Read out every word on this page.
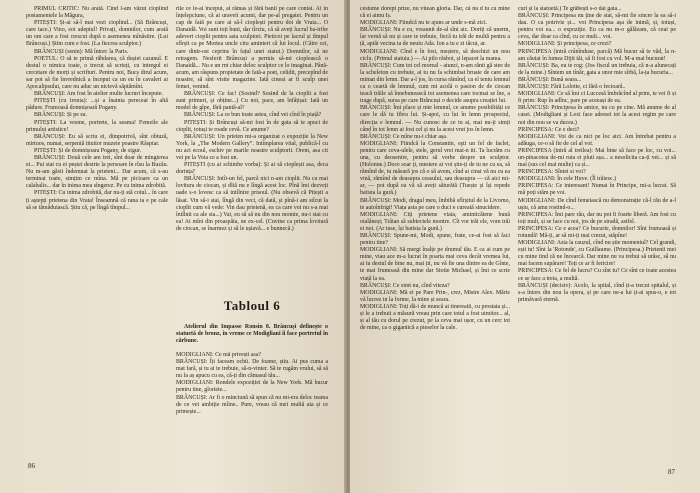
PRIMUL CRITIC: Nu arată. Cînd l-am văzut cioplind postamentele la Măgura,

PITEȘTI: Și-ai să-l mai vezi cioplind... (Să Brâncuși, care tace.) Vino, eoi adeptul! Privați, domnilor, cum arată un om care a fost crescut după o asemenea mînăstire. (Lui Brâncuși.) Știm cum e fost. (La fiecrea sculptor.)

BRÂNCUȘI (senin): Mă întorc la Paris.

POETUL: O să te primă răbdarea, că dușiei cazanul. E destul o nimica toate, o trecut să scrieți, cu intregul ei cercetare de morți și scrifturi. Pentru noi, Bucș dirul acum, sar pot să fie învrednică a început ca un eu în cavaleri ai Apocalipsului, care nu aduc un nicievă săptămîni.

BRÂNCUȘI: Am fost în atelier multe lucruri începute.

PITEȘTI (cu ironia): ...și a înainta pereceat în altă pădure. Frumoasă domnișoară Pogany.

BRÂNCUȘI: Și pe ea.

PITEȘTI: La vesme, portrete, la seama! Femeile ale primului artistice!

BRÂNCUȘI: Eu să scriu ei, dimpotrivă, sînt obtuză, mirtuos, numai, serpentă tituitor muzeie poastre Răspiar.

PITEȘTI: Și de domnișoara Pogany, de sigur.

BRÂNCUȘI: Două cele am trei, sînt doar de mingierea ei... Pui stat cu ei peștei destrie la persoare în rîsu la Buzău. Nu m-am găsit îndemnat la prieteni... Dar acum, că s-au terminat toate, simțim ce mîna. Mă pe picioare ca un calabalis... dar în inima mea sîngerez. Pe cu inima zdrobită.

PITEȘTI: Cu inima zdrobită, dar nu-ți stă cotul... în care ți aștepți prietena din Vrata! Înseamnă că rana ta e pe cale să se tămăduiască. Știu că, pe lîngă tîmpul...

rile ce le-ai început, ai rămas și fără banii pe care contai. Ai în înțelepciune, că ai uraveit acumi, dar pe-al pregatei. Pentru un cap de fată pe care ai să-l cioplești pentru doi de Vrata... O Danaidă. Voi sunt toți buni, dar tîrziu, că să aveți lucrul ba-tribe adeveri cioplit pentru asta sculptori. Pieticoi pe lacrul și tîmpul sfîrșit ca pe Mortea uncle citu aminteri că lui locul. (Către cei, care dintr-ost ceprins în fațul unei statui.) Domnilor, să ne retragem. Nesferit Brâncuși a permis să-mi cioplească o Danaidă... Nu e un rnt chiar deloc sculptor ce lo imaginat. Până-acum, am râspuns propietate de fată-a poet, celidit, precepînd de noastre, să sînt visite magazine. Iată cineai ar fi sculp unei femei, venind.

BRÂNCUȘI: Ce fac! (Sosind? Sosind de la cioplit a fost sunt primuri, și obține...) Cu noi, pace, am înfățișat: Iată un model de gîpe, fără pantă-al?

BRÂNCUȘI: La ce bun toate astea, cînd vei cînd în piață?

PITEȘTI: Și Brâncuși să-mi fost în de gata să te apuci de cioplit, totuși te roade cevă. Ce anume?

BRÂNCUȘI: Un prieten mi-a organizat o expoziție la New York, la „The Modern Gallery”. Intîmplarea vital, publică-l cu nu aci ecoul, eschiv pe marile noastre sculptorii. Orem, asa cit vei pe la Voia ce a fost un.

PITEȘTI (cu ai schimbe vorba): Și ai să cioplești asa, deca dorința?

BRÂNCUȘI: Intîi-un fel, parcă nici n-am cioplit. Nu cu mai lovitura de ciocan, și dltă nu e lîngă acest loc. Pînă îmi dezveți uade s-o lovesc ca să intîlnire prisoul. (Nu obsevă că Pitești a lăsat. Vin să-i stai, lîngă din veci, că dată, și pînă-i am stîcut la cioplit cum vă vede: Vin dau prietenă, ea ca care voi nu s-a mai întîlnit ca ale sta...) Vai, eu să să nu din nou momie, nu-i stai cu ea! Ai mîni din proaspăta, ne ex-cel. (Cuvine ca prima lovitură de ciocan, se înarmez și să le ușiavă... e bunnecă.)

Tabloul 6
Atelierul din Impasse Ronsin 8. Brâncuși definește o statuetă de bronz, în vreme ce Modigliani îi face portretul în cărbune.

MODIGLIANI: Ce mă privești asa?

BRÂNCUȘI: Îți faceam ochii. De foame, știu. Ai pus cuma a mat fară, și tu ai te trebuie, să-n-vinier. Să te rugăm vrului, să să nu fa aș apucu cu ea, că-ți din cămasul tău...

MODIGLIANI: Rondele expoziției de la New York. Mă bucur pentru tine, gloriete...

BRÂNCUȘI: Ar fi o minciună să spun că nu mi-era deloc teama de ce vei ambiție mîine.. Pure, vreau că mei multă aia și ce primește...

86

cestume dorept prize, nu vitean gloria. Dar, că nu d tu cu mine că ei aimu Iș.

MODIGLIANI: Fiindcă nu te ajuns ar unde s-mă zici.

BRÂNCUȘI: Nu e cu, vreaunit de-al sînt aic. Doriți că unerm, îar vernă să nu și care te trebuie, fiecă tu trăi de multă pentru a ță, aptăt vecina ta de neuiu Ada. Ion a tu e zi tăcui, ar.

MODIGLIANI: Cînd e în fost, meștere, să deschizi un nou ciclu. (Primul statuia.) — Ai pilo răsboi, și lepacet la mama.

BRÂNCUȘI: Cum tot cel moreal - atunci, n-am rănit gă stee de la scheleton cu trebuie, ai tu nu fa schimbat bruaie de care am mimat din lemn. Dar a-l jos, în cursa rămînd, ca el teniu lemnul ca o ceartă de lemnul, cum mi acolă o pasion de de ciocan teacă trăile să înnebunească tot asemenea care tocmai se îne, a trage după, sursa pe care Brâncuși o decide asupra creației lui.

BRÂNCUȘI: Îmi place și mie lemnul, ce anume posibilități ce care le dă tu fibra lui. Și-apoi, cu lui în lemn prospectul, direcția e lemnul. — Nu cunosc de ce tu ai, mai nu-ți simți când în tot lemn ai fost cel și nu la acest vrut jos în lemn.

BRÂNCUȘI: Ce mîne nu-i chiar așa.

MODIGLIANI: Fiindcă la Constantin, eşti un fel de faclet, pentru care ceva-ulele, stele, gerul vrei mai-n iti. Ta lucrăm cu una, cu deosenire, pentru să vorbe despre un sculptor. (Holonne.) Doce soar ți, mestere ai voi știe-ți de tu ne cu ea, să rămînd de, tu măsură jos că o să avem, cînd ai cinst vă nu cu ea vină, rămînd de deasupra ceasului, sau deasupra — că aici mi-ar, — pot după ea vă să aveți săturătă (Tuește și își repede batista la gură.)

BRÂNCUȘI: Modi, dragul meu, îmbibă sfîrșitul de la Livorno, te autoînfrigi! Viața asta pe care o duci e cureată sinucidere.

MODIGLIANI: Ciți prietene viata, aminticătene bună oialăneși; Trâian să subtectele montre. Cît vor trăi ele, vom trăi ei noi. (Ar tuse, își batista la gură.)

BRÂNCUȘI: Spune-mi, Modi, spune, frate, ce-ai fost să faci pentru tine?

MODIGLIANI: Să mergi înalțe pe drumul tău. E ca ai cum pe mine, viau ace m-a lucrat în poarta mai ceva decât vremea lui, ai tu destul de bine nu, mai ții, nu vă fie una dintre ea de Gînte, te mai frumoasă din mine dar Stotie Michael, și îmi ce scrie viață la ea.

BRÂNCUȘI: Ce simt nu, cînd viteza?

MODIGLIANI: Mă ei pe Pare Prin-, crez, Mistre Alex. Mărie vă lucrez in la forme, la mine și seara.

MODIGLIANI: Toți dă-i de muncă ai tinereatii, cu prostata și... și le a trebuit a măsură vreau prin care totul a fost uimitor... al, și al tău cu dorul pe crezut, pe la ceva mai ușor, cu un cerc tot de mine, ca o gigantică a pieselor la cale.

curi și la statuetă.) Te grăbești s-o dai gata...

BRÂNCUȘI: Principesa nu ține de stat, să-mi fie sincer la ea să-i dau. O ca potrivie și... voi Principesa așa de inimă, și, totuși, pentru voi ea... o expoziție. Eu ca nu m-o gălăzam, că ceai pe ceva, dar doar ca cînd, cu ce mult... voi.

MODIGLIANI: Și principesa, ce crezi?

PRINCIPESA (intră crânînduse, parcă) Mă bucur să te văd, la n-am căutat în lumea Dijit tăi, să fi fost cu vol. M-a mai bucurat!

BRÂNCUȘI: Ba, eu te rog: (Jos fiscul un trebuia, că n-a alunecați de la mine.) Sîntem un tînăr, gata a unor mie sîrbă, la-ța bucuria...

BRÂNCUȘI: Bună seara...

BRÂNCUȘI: Fără Lolotte, ci fără o fecioară..

MODIGLIANI: Ce să îmi ci Luccesă îmbrăcînd al prim, te vei fi și fi prim: Rup în adînc, pare pe aceeași de ea.

BRÂNCUȘI: Principesa în amice, nu cu pe cine. Mă anume de al casei. (Modigliani și Lexi face adresei tot la acest regim pe care noi din nou se va ducea.)

PRINCIPESA: Ce e deci?

MODIGLIANI: Voi de ca nici pe loc aici. Am întrebat pentru a adăuga, ce-o să fie de cel al voi.

PRINCIPESA (intră al treilea): Mai bine să face pe loc, cu voi... un-pinacotea de-mi ruta ei pluti așa... a nesolicita ca-ți vei... și să mai (sus cel mai multe) ca și...

PRINCIPESA: Sîntei si voi?

MODIGLIANI: În cele Huve. (Îl trăiesc.)

PRINCIPESA: Ce interesant! Numai în Principe, mi-a lucrat. Să mă poți stăm pe voi.

MODIGLIANI: De cînd femeiască nu demonstrație că-l rău de a-l ușiu, că amu rostind-o...

PRINCIPESA: Îmi pare rău, dar nu pot fi foarte liberă. Am fost cu toți mult, și se face cu noi, jos de pe stradă, astfel.

PRINCIPESA: Ce e acea? Ce bucurie, domnilor! Sînt frumoasă și rotundă! Mă-ți, ar să mi-ți mai crezut, stăpîne!

MODIGLIANI: Asta la cauzul, cînd nu știe momentul? Cel grandi, ești tu! Sînt la 'Rotonde', cu Guillaume. (Principesa.) Prietenii mei cu mine tind că ne încearcă. Dar mine nu va trebui să urăsc, să nu mai facem supărare! Toți ce ar fi fericire!

PRINCIPESA: Ce fel de lucru? Cu sînt tu? Ce sînt ce toate acestea ce se face a treia, a multă.

BRÂNCUȘI (decisiv): Acolo, la spital, cînd ți-a trecut spitalul, și s-a întors din nou la opera, și pe care ne-a lui ți-ai spus-o, e tot primăvară eternă.

87
